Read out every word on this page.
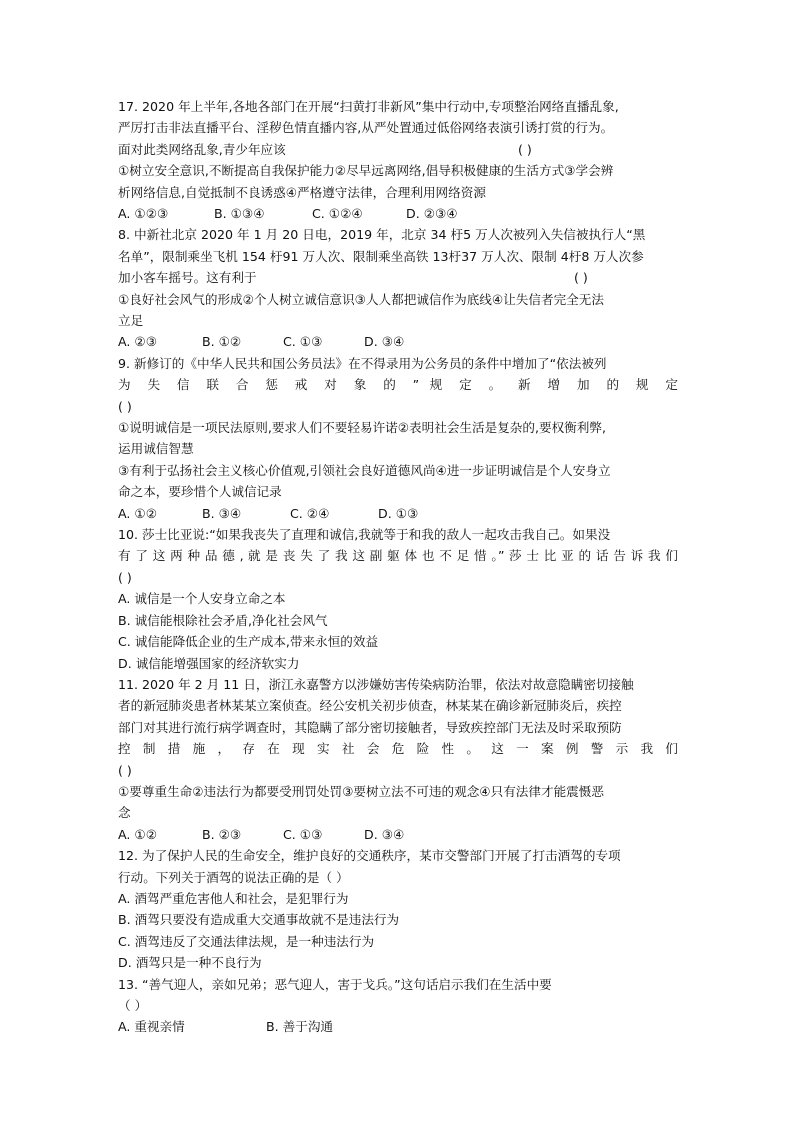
17. 2020 年上半年,各地各部门在开展“扫黄打非新风”集中行动中,专项整治网络直播乱象,
严厉打击非法直播平台、淫秽色情直播内容,从严处置通过低俗网络表演引诱打赏的行为。
面对此类网络乱象,青少年应该	( )
①树立安全意识,不断提高自我保护能力②尽早远离网络,倡导积极健康的生活方式③学会辨
析网络信息,自觉抵制不良诱惑④严格遵守法律，合理利用网络资源
A. ①②③	B. ①③④	C. ①②④	D. ②③④
8. 中新社北京 2020 年 1 月 20 日电，2019 年，北京 34 杅5 万人次被列入失信被执行人“黑
名单”，限制乘坐飞机 154 杅91 万人次、限制乘坐高铁 13杅37 万人次、限制 4杅8 万人次参
加小客车摇号。这有利于	( )
①良好社会风气的形成②个人树立诚信意识③人人都把诚信作为底线④让失信者完全无法
立足
A. ②③	B. ①②	C. ①③	D. ③④
9. 新修订的《中华人民共和国公务员法》在不得录用为公务员的条件中增加了“依法被列
为 失 信 联 合 惩 戒 对 象 的 ” 规 定 。 新 增 加 的 规 定
( )
①说明诚信是一项民法原则,要求人们不要轻易许诺②表明社会生活是复杂的,要权衡利弊,
运用诚信智慧
③有利于弘扬社会主义核心价值观,引领社会良好道德风尚④进一步证明诚信是个人安身立
命之本，要珍惜个人诚信记录
A. ①②	B. ③④	C. ②④	D. ①③
10. 莎士比亚说:“如果我丧失了直理和诚信,我就等于和我的敌人一起攻击我自己。如果没
有 了 这 两 种 品 德 , 就 是 丧 失 了 我 这 副 躯 体 也 不 足 惜 。” 莎 士 比 亚 的 话 告 诉 我 们
( )
A. 诚信是一个人安身立命之本
B. 诚信能根除社会矛盾,净化社会风气
C. 诚信能降低企业的生产成本,带来永恒的效益
D. 诚信能增强国家的经济软实力
11. 2020 年 2 月 11 日，浙江永嘉警方以涉嫌妨害传染病防治罪，依法对故意隐瞒密切接触
者的新冠肺炎患者林某某立案侦查。经公安机关初步侦查，林某某在确诊新冠肺炎后，疾控
部门对其进行流行病学调查时，其隐瞒了部分密切接触者，导致疾控部门无法及时采取预防
控 制 措 施 ， 存 在 现 实 社 会 危 险 性 。 这 一 案 例 警 示 我 们
( )
①要尊重生命②违法行为都要受刑罚处罚③要树立法不可违的观念④只有法律才能震慑恶
念
A. ①②	B. ②③	C. ①③	D. ③④
12. 为了保护人民的生命安全，维护良好的交通秩序，某市交警部门开展了打击酒驾的专项
行动。下列关于酒驾的说法正确的是（ ）
A. 酒驾严重危害他人和社会，是犯罪行为
B. 酒驾只要没有造成重大交通事故就不是违法行为
C. 酒驾违反了交通法律法规，是一种违法行为
D. 酒驾只是一种不良行为
13. “善气迎人，亲如兄弟；恶气迎人，害于戈兵。”这句话启示我们在生活中要
（ ）
A. 重视亲情	B. 善于沟通
